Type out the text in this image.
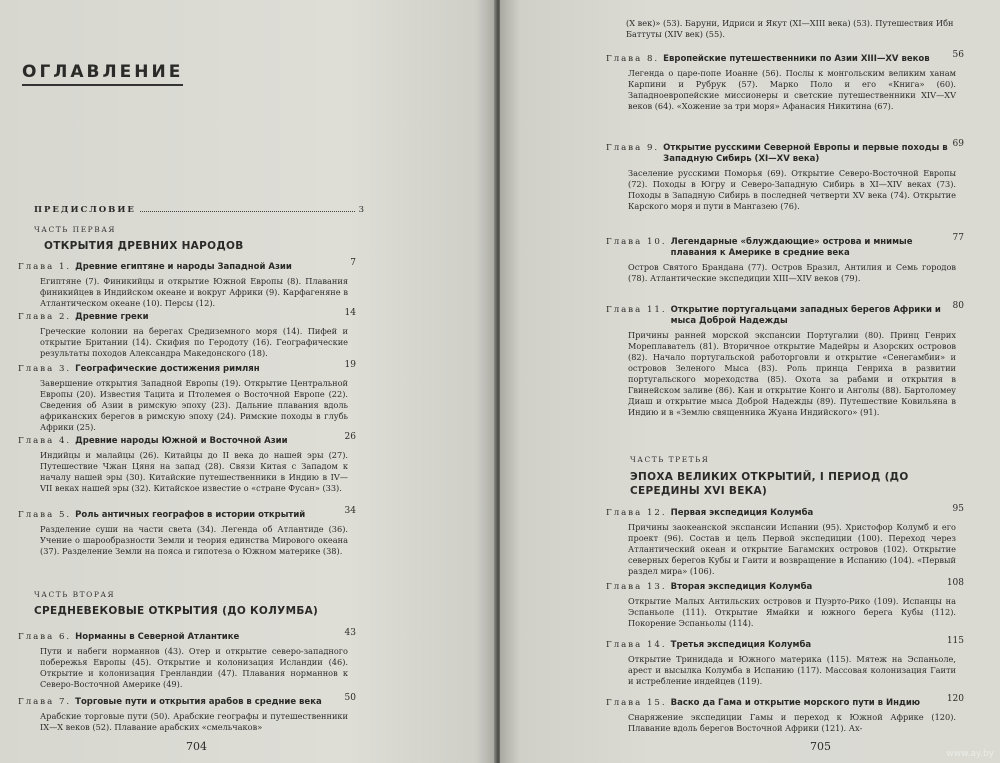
ОГЛАВЛЕНИЕ
ПРЕДИСЛОВИЕ	3
ЧАСТЬ ПЕРВАЯ
ОТКРЫТИЯ ДРЕВНИХ НАРОДОВ
Глава 1. Древние египтяне и народы Западной Азии	7
Египтяне (7). Финикийцы и открытие Южной Европы (8). Плавания финикийцев в Индийском океане и вокруг Африки (9). Карфагеняне в Атлантическом океане (10). Персы (12).
Глава 2. Древние греки	14
Греческие колонии на берегах Средиземного моря (14). Пифей и открытие Британии (14). Скифия по Геродоту (16). Географические результаты походов Александра Македонского (18).
Глава 3. Географические достижения римлян	19
Завершение открытия Западной Европы (19). Открытие Центральной Европы (20). Известия Тацита и Птолемея о Восточной Европе (22). Сведения об Азии в римскую эпоху (23). Дальние плавания вдоль африканских берегов в римскую эпоху (24). Римские походы в глубь Африки (25).
Глава 4. Древние народы Южной и Восточной Азии	26
Индийцы и малайцы (26). Китайцы до II века до нашей эры (27). Путешествие Чжан Цяня на запад (28). Связи Китая с Западом к началу нашей эры (30). Китайские путешественники в Индию в IV—VII веках нашей эры (32). Китайское известие о «стране Фусан» (33).
Глава 5. Роль античных географов в истории открытий	34
Разделение суши на части света (34). Легенда об Атлантиде (36). Учение о шарообразности Земли и теория единства Мирового океана (37). Разделение Земли на пояса и гипотеза о Южном материке (38).
ЧАСТЬ ВТОРАЯ
СРЕДНЕВЕКОВЫЕ ОТКРЫТИЯ (ДО КОЛУМБА)
Глава 6. Норманны в Северной Атлантике	43
Пути и набеги норманнов (43). Отер и открытие северо-западного побережья Европы (45). Открытие и колонизация Исландии (46). Открытие и колонизация Гренландии (47). Плавания норманнов к Северо-Восточной Америке (49).
Глава 7. Торговые пути и открытия арабов в средние века	50
Арабские торговые пути (50). Арабские географы и путешественники IX—X веков (52). Плавание арабских «смельчаков»
704
Глава 8. Европейские путешественники по Азии XIII—XV веков	56
Легенда о царе-попе Иоанне (56). Послы к монгольским великим ханам Карпини и Рубрук (57). Марко Поло и его «Книга» (60). Западноевропейские миссионеры и светские путешественники XIV—XV веков (64). «Хожение за три моря» Афанасия Никитина (67).
Глава 9. Открытие русскими Северной Европы и первые походы в Западную Сибирь (XI—XV века)
69
Заселение русскими Поморья (69). Открытие Северо-Восточной Европы (72). Походы в Югру и Северо-Западную Сибирь в XI—XIV веках (73). Походы в Западную Сибирь в последней четверти XV века (74). Открытие Карского моря и пути в Мангазею (76).
Глава 10. Легендарные «блуждающие» острова и мнимые плавания к Америке в средние века
77
Остров Святого Брандана (77). Остров Бразил, Антилия и Семь городов (78). Атлантические экспедиции XIII—XIV веков (79).
Глава 11. Открытие португальцами западных берегов Африки и мыса Доброй Надежды
80
Причины ранней морской экспансии Португалии (80). Принц Генрих Мореплаватель (81). Вторичное открытие Мадейры и Азорских островов (82). Начало португальской работорговли и открытие «Сенегамбии» и островов Зеленого Мыса (83). Роль принца Генриха в развитии португальского мореходства (85). Охота за рабами и открытия в Гвинейском заливе (86). Кан и открытие Конго и Анголы (88). Бартоломеу Диаш и открытие мыса Доброй Надежды (89). Путешествие Ковильяна в Индию и в «Землю священника Жуана Индийского» (91).
ЧАСТЬ ТРЕТЬЯ
ЭПОХА ВЕЛИКИХ ОТКРЫТИЙ, I ПЕРИОД (ДО СЕРЕДИНЫ XVI ВЕКА)
Глава 12. Первая экспедиция Колумба	95
Причины заокеанской экспансии Испании (95). Христофор Колумб и его проект (96). Состав и цель Первой экспедиции (100). Переход через Атлантический океан и открытие Багамских островов (102). Открытие северных берегов Кубы и Гаити и возвращение в Испанию (104). «Первый раздел мира» (106).
Глава 13. Вторая экспедиция Колумба	108
Открытие Малых Антильских островов и Пуэрто-Рико (109). Испанцы на Эспаньоле (111). Открытие Ямайки и южного берега Кубы (112). Покорение Эспаньолы (114).
Глава 14. Третья экспедиция Колумба	115
Открытие Тринидада и Южного материка (115). Мятеж на Эспаньоле, арест и высылка Колумба в Испанию (117). Массовая колонизация Гаити и истребление индейцев (119).
Глава 15. Васко да Гама и открытие морского пути в Индию	120
Снаряжение экспедиции Гамы и переход к Южной Африке (120). Плавание вдоль берегов Восточной Африки (121). Ах-
705
www.ay.by
(X век)» (53). Баруни, Идриси и Якут (XI—XIII века) (53). Путешествия Ибн Баттуты (XIV век) (55).
